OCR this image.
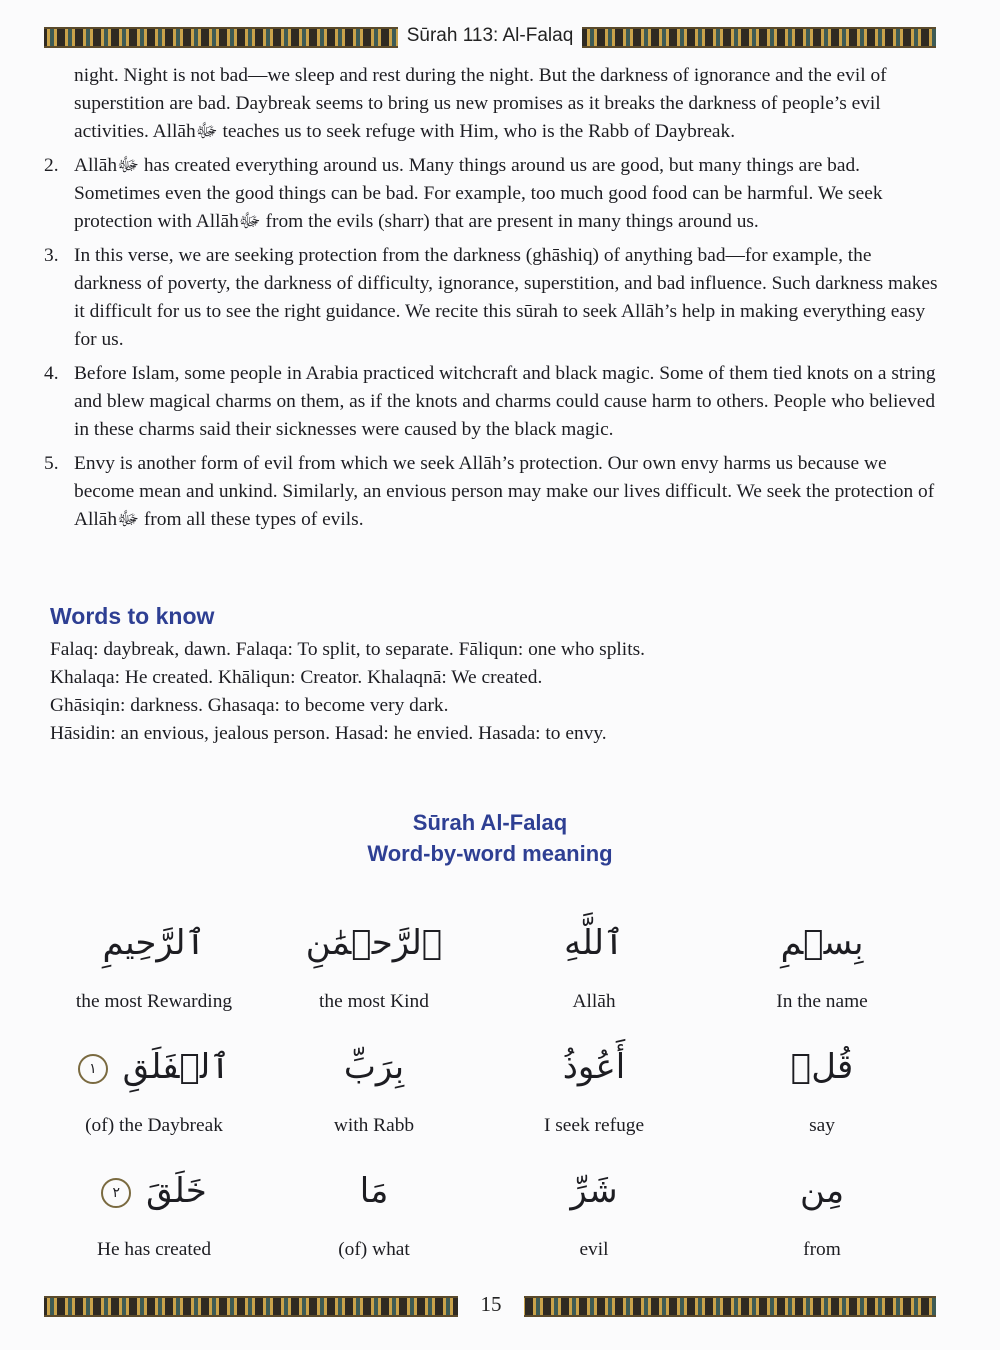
Sūrah 113: Al-Falaq

night. Night is not bad—we sleep and rest during the night. But the darkness of ignorance and the evil of superstition are bad. Daybreak seems to bring us new promises as it breaks the darkness of people’s evil activities. Allāhﷻ teaches us to seek refuge with Him, who is the Rabb of Daybreak.

2. Allāhﷻ has created everything around us. Many things around us are good, but many things are bad. Sometimes even the good things can be bad. For example, too much good food can be harmful. We seek protection with Allāhﷻ from the evils (sharr) that are present in many things around us.
3. In this verse, we are seeking protection from the darkness (ghāshiq) of anything bad—for example, the darkness of poverty, the darkness of difficulty, ignorance, superstition, and bad influence. Such darkness makes it difficult for us to see the right guidance. We recite this sūrah to seek Allāh’s help in making everything easy for us.
4. Before Islam, some people in Arabia practiced witchcraft and black magic. Some of them tied knots on a string and blew magical charms on them, as if the knots and charms could cause harm to others. People who believed in these charms said their sicknesses were caused by the black magic.
5. Envy is another form of evil from which we seek Allāh’s protection. Our own envy harms us because we become mean and unkind. Similarly, an envious person may make our lives difficult. We seek the protection of Allāhﷻ from all these types of evils.
Words to know
Falaq: daybreak, dawn. Falaqa: To split, to separate. Fāliqun: one who splits.
Khalaqa: He created. Khāliqun: Creator. Khalaqnā: We created.
Ghāsiqin: darkness. Ghasaqa: to become very dark.
Hāsidin: an envious, jealous person. Hasad: he envied. Hasada: to envy.
Sūrah Al-Falaq
Word-by-word meaning
بِسۡمِ
In the name
ٱللَّهِ
Allāh
ٱلرَّحۡمَٰنِ
the most Kind
ٱلرَّحِيمِ
the most Rewarding
قُلۡ
say
أَعُوذُ
I seek refuge
بِرَبِّ
with Rabb
ٱلۡفَلَقِ ١
(of) the Daybreak
مِن
from
شَرِّ
evil
مَا
(of) what
خَلَقَ ٢
He has created
15
